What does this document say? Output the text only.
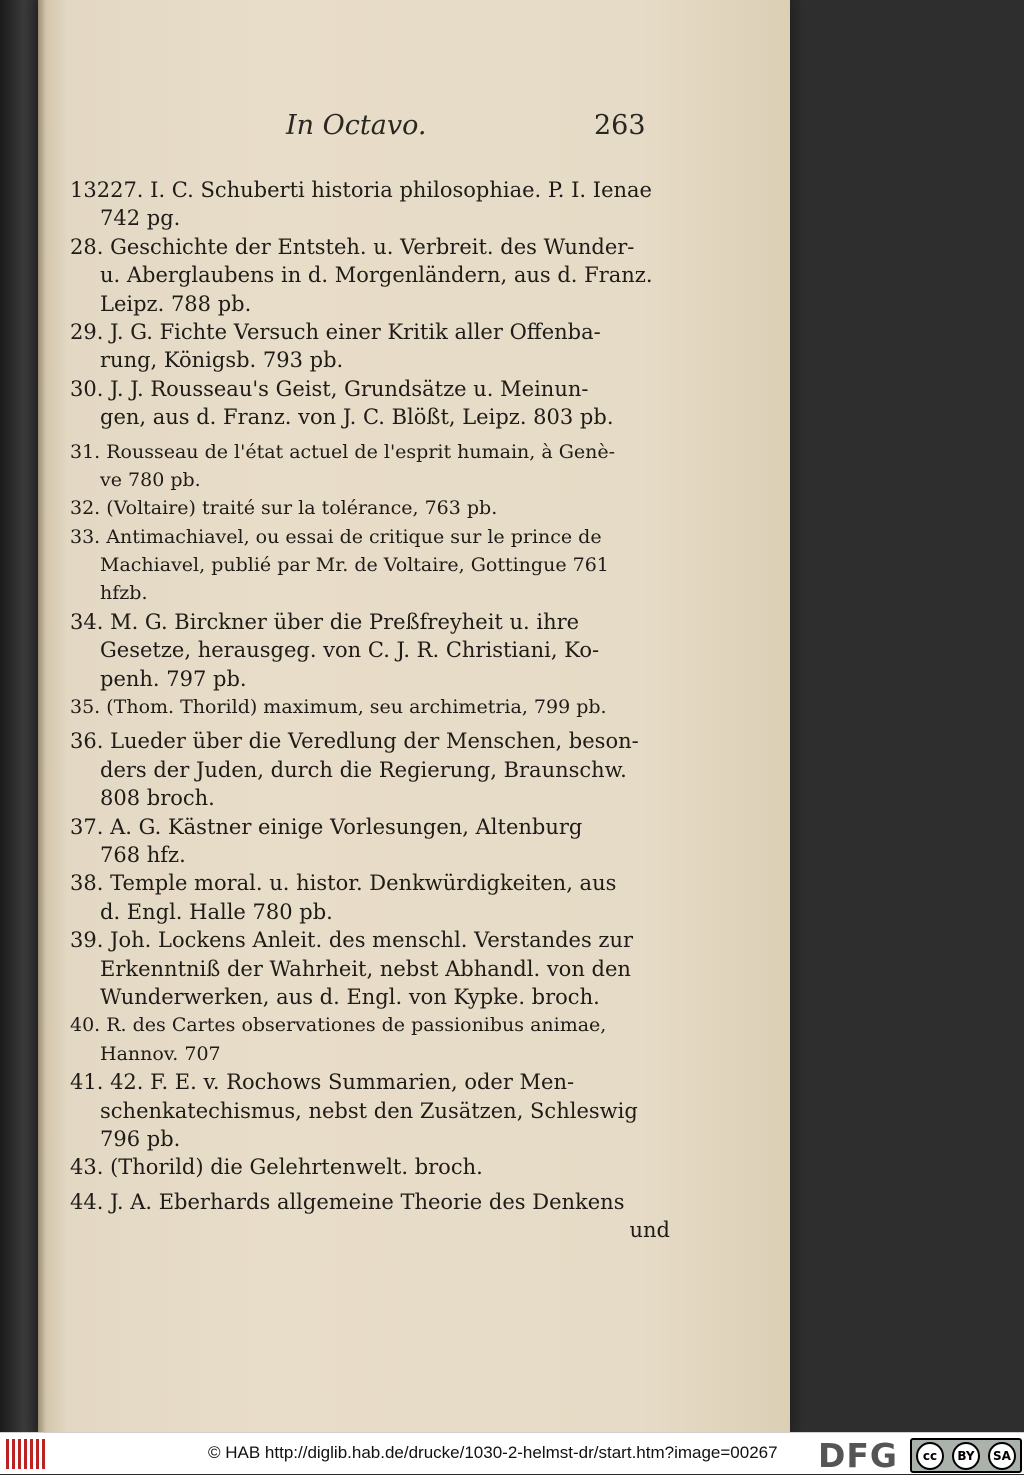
In Octavo.	263
13227. I. C. Schuberti historia philosophiae. P. I. Ienae
742 pg.
28. Geschichte der Entsteh. u. Verbreit. des Wunder-
u. Aberglaubens in d. Morgenländern, aus d. Franz.
Leipz. 788 pb.
29. J. G. Fichte Versuch einer Kritik aller Offenba-
rung, Königsb. 793 pb.
30. J. J. Rousseau's Geist, Grundsätze u. Meinun-
gen, aus d. Franz. von J. C. Blößt, Leipz. 803 pb.
31. Rousseau de l'état actuel de l'esprit humain, à Genè-
ve 780 pb.
32. (Voltaire) traité sur la tolérance, 763 pb.
33. Antimachiavel, ou essai de critique sur le prince de
Machiavel, publié par Mr. de Voltaire, Gottingue 761
hfzb.
34. M. G. Birckner über die Preßfreyheit u. ihre
Gesetze, herausgeg. von C. J. R. Christiani, Ko-
penh. 797 pb.
35. (Thom. Thorild) maximum, seu archimetria, 799 pb.
36. Lueder über die Veredlung der Menschen, beson-
ders der Juden, durch die Regierung, Braunschw.
808 broch.
37. A. G. Kästner einige Vorlesungen, Altenburg
768 hfz.
38. Temple moral. u. histor. Denkwürdigkeiten, aus
d. Engl. Halle 780 pb.
39. Joh. Lockens Anleit. des menschl. Verstandes zur
Erkenntniß der Wahrheit, nebst Abhandl. von den
Wunderwerken, aus d. Engl. von Kypke. broch.
40. R. des Cartes observationes de passionibus animae,
Hannov. 707
41. 42. F. E. v. Rochows Summarien, oder Men-
schenkatechismus, nebst den Zusätzen, Schleswig
796 pb.
43. (Thorild) die Gelehrtenwelt. broch.
44. J. A. Eberhards allgemeine Theorie des Denkens
und
© HAB http://diglib.hab.de/drucke/1030-2-helmst-dr/start.htm?image=00267 DFG	cc	BY	SA
